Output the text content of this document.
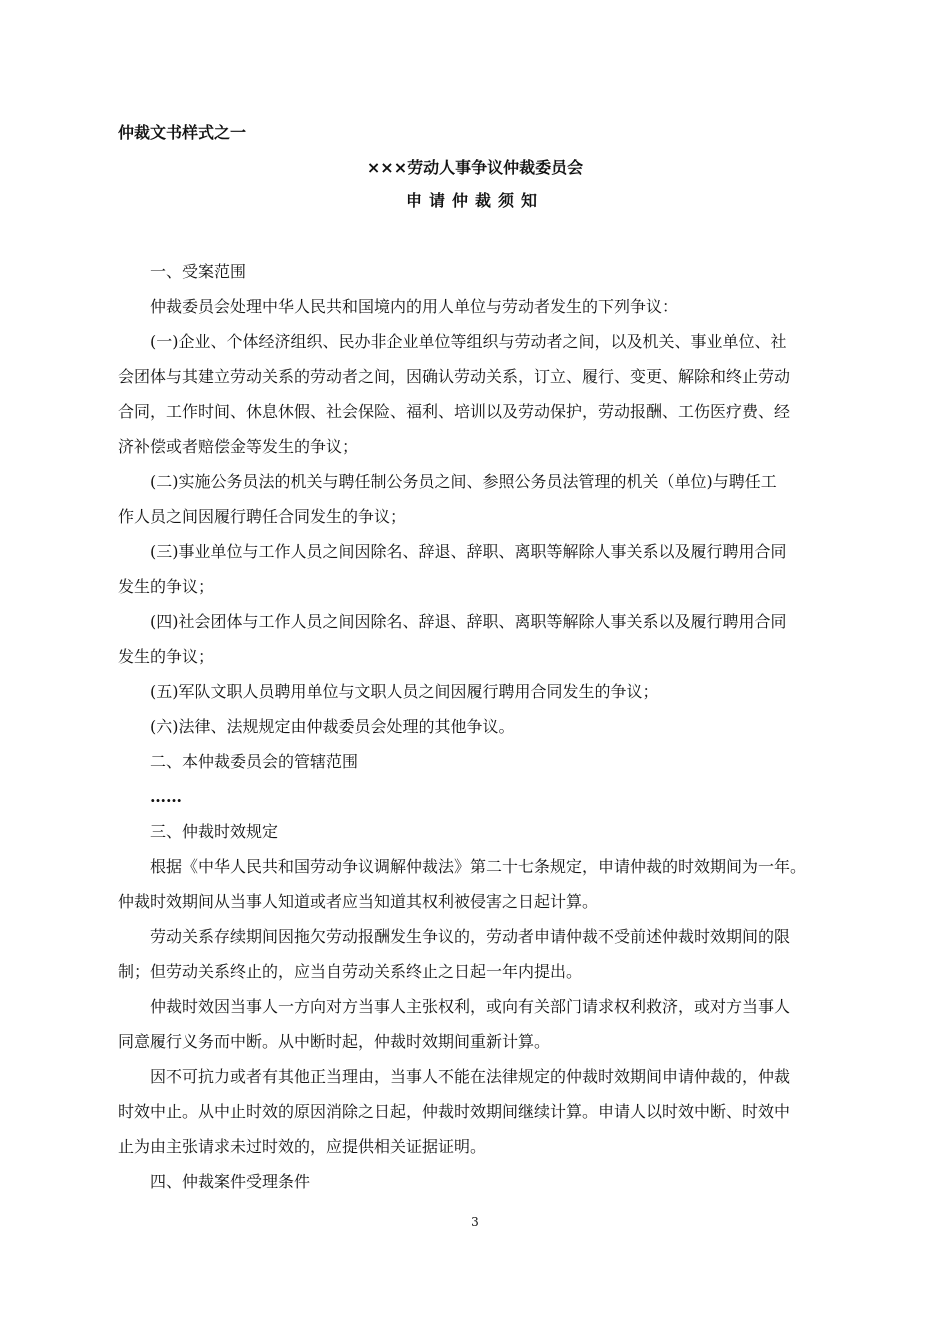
仲裁文书样式之一
×××劳动人事争议仲裁委员会
申请仲裁须知
一、受案范围
仲裁委员会处理中华人民共和国境内的用人单位与劳动者发生的下列争议：
(一)企业、个体经济组织、民办非企业单位等组织与劳动者之间，以及机关、事业单位、社
会团体与其建立劳动关系的劳动者之间，因确认劳动关系，订立、履行、变更、解除和终止劳动
合同，工作时间、休息休假、社会保险、福利、培训以及劳动保护，劳动报酬、工伤医疗费、经
济补偿或者赔偿金等发生的争议；
(二)实施公务员法的机关与聘任制公务员之间、参照公务员法管理的机关（单位)与聘任工
作人员之间因履行聘任合同发生的争议；
(三)事业单位与工作人员之间因除名、辞退、辞职、离职等解除人事关系以及履行聘用合同
发生的争议；
(四)社会团体与工作人员之间因除名、辞退、辞职、离职等解除人事关系以及履行聘用合同
发生的争议；
(五)军队文职人员聘用单位与文职人员之间因履行聘用合同发生的争议；
(六)法律、法规规定由仲裁委员会处理的其他争议。
二、本仲裁委员会的管辖范围
……
三、仲裁时效规定
根据《中华人民共和国劳动争议调解仲裁法》第二十七条规定，申请仲裁的时效期间为一年。
仲裁时效期间从当事人知道或者应当知道其权利被侵害之日起计算。
劳动关系存续期间因拖欠劳动报酬发生争议的，劳动者申请仲裁不受前述仲裁时效期间的限
制；但劳动关系终止的，应当自劳动关系终止之日起一年内提出。
仲裁时效因当事人一方向对方当事人主张权利，或向有关部门请求权利救济，或对方当事人
同意履行义务而中断。从中断时起，仲裁时效期间重新计算。
因不可抗力或者有其他正当理由，当事人不能在法律规定的仲裁时效期间申请仲裁的，仲裁
时效中止。从中止时效的原因消除之日起，仲裁时效期间继续计算。申请人以时效中断、时效中
止为由主张请求未过时效的，应提供相关证据证明。
四、仲裁案件受理条件
3
